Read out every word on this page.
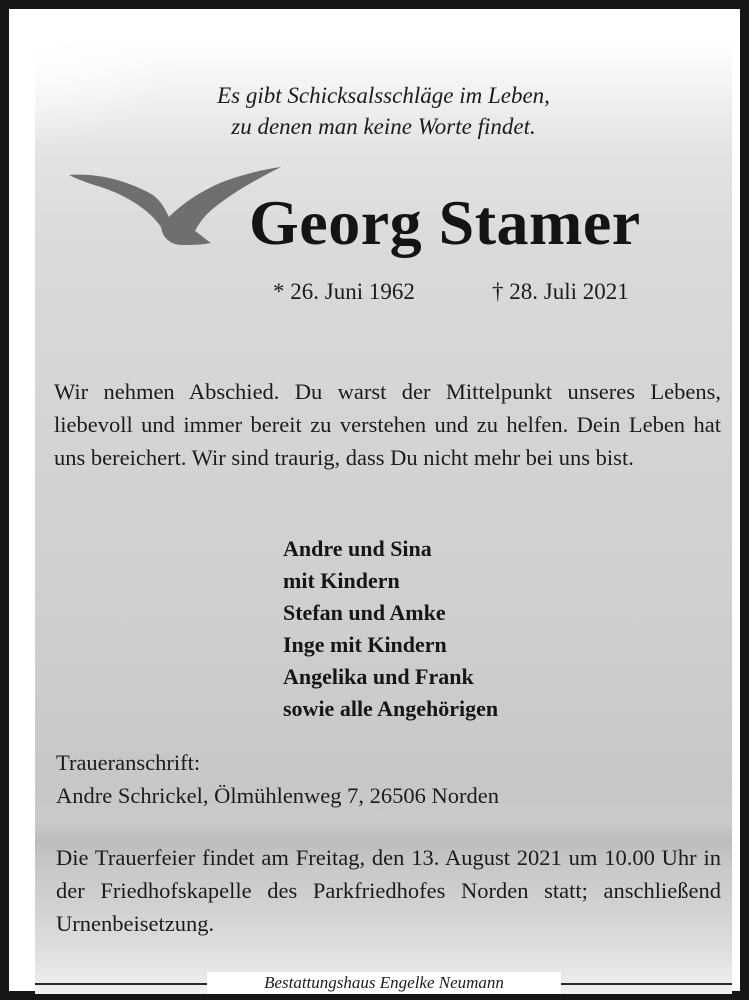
Es gibt Schicksalsschläge im Leben,
zu denen man keine Worte findet.
Georg Stamer
* 26. Juni 1962	† 28. Juli 2021
Wir nehmen Abschied. Du warst der Mittelpunkt unseres Lebens, liebevoll und immer bereit zu verstehen und zu helfen. Dein Leben hat uns bereichert. Wir sind traurig, dass Du nicht mehr bei uns bist.
Andre und Sina
mit Kindern
Stefan und Amke
Inge mit Kindern
Angelika und Frank
sowie alle Angehörigen
Traueranschrift:
Andre Schrickel, Ölmühlenweg 7, 26506 Norden
Die Trauerfeier findet am Freitag, den 13. August 2021 um 10.00 Uhr in der Friedhofskapelle des Parkfriedhofes Norden statt; anschließend Urnenbeisetzung.
Bestattungshaus Engelke Neumann
